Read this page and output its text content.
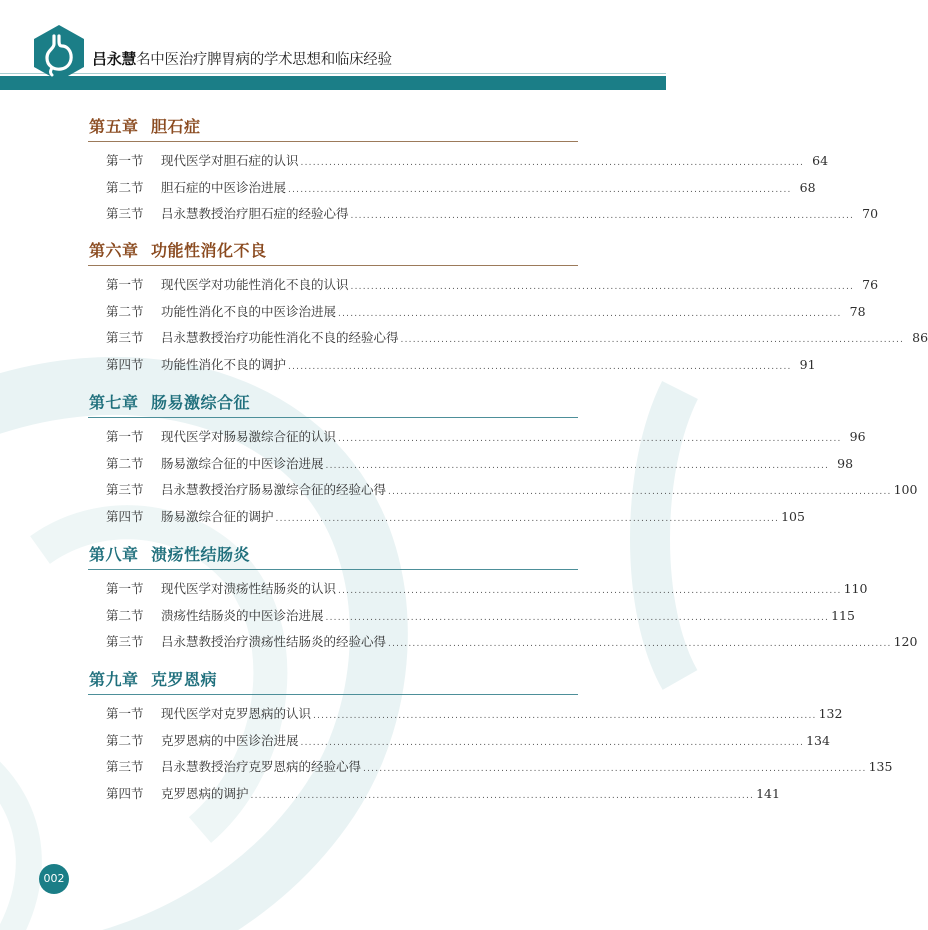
吕永慧名中医治疗脾胃病的学术思想和临床经验
第五章 胆石症
第一节	现代医学对胆石症的认识 ............................................................................................................................ 64
第二节	胆石症的中医诊治进展 ............................................................................................................................ 68
第三节	吕永慧教授治疗胆石症的经验心得 ............................................................................................................................ 70
第六章 功能性消化不良
第一节	现代医学对功能性消化不良的认识 ............................................................................................................................ 76
第二节	功能性消化不良的中医诊治进展 ............................................................................................................................ 78
第三节	吕永慧教授治疗功能性消化不良的经验心得 ............................................................................................................................ 86
第四节	功能性消化不良的调护 ............................................................................................................................ 91
第七章 肠易激综合征
第一节	现代医学对肠易激综合征的认识 ............................................................................................................................ 96
第二节	肠易激综合征的中医诊治进展 ............................................................................................................................ 98
第三节	吕永慧教授治疗肠易激综合征的经验心得 ............................................................................................................................ 100
第四节	肠易激综合征的调护 ............................................................................................................................ 105
第八章 溃疡性结肠炎
第一节	现代医学对溃疡性结肠炎的认识 ............................................................................................................................ 110
第二节	溃疡性结肠炎的中医诊治进展 ............................................................................................................................ 115
第三节	吕永慧教授治疗溃疡性结肠炎的经验心得 ............................................................................................................................ 120
第九章 克罗恩病
第一节	现代医学对克罗恩病的认识 ............................................................................................................................ 132
第二节	克罗恩病的中医诊治进展 ............................................................................................................................ 134
第三节	吕永慧教授治疗克罗恩病的经验心得 ............................................................................................................................ 135
第四节	克罗恩病的调护 ............................................................................................................................ 141
002
